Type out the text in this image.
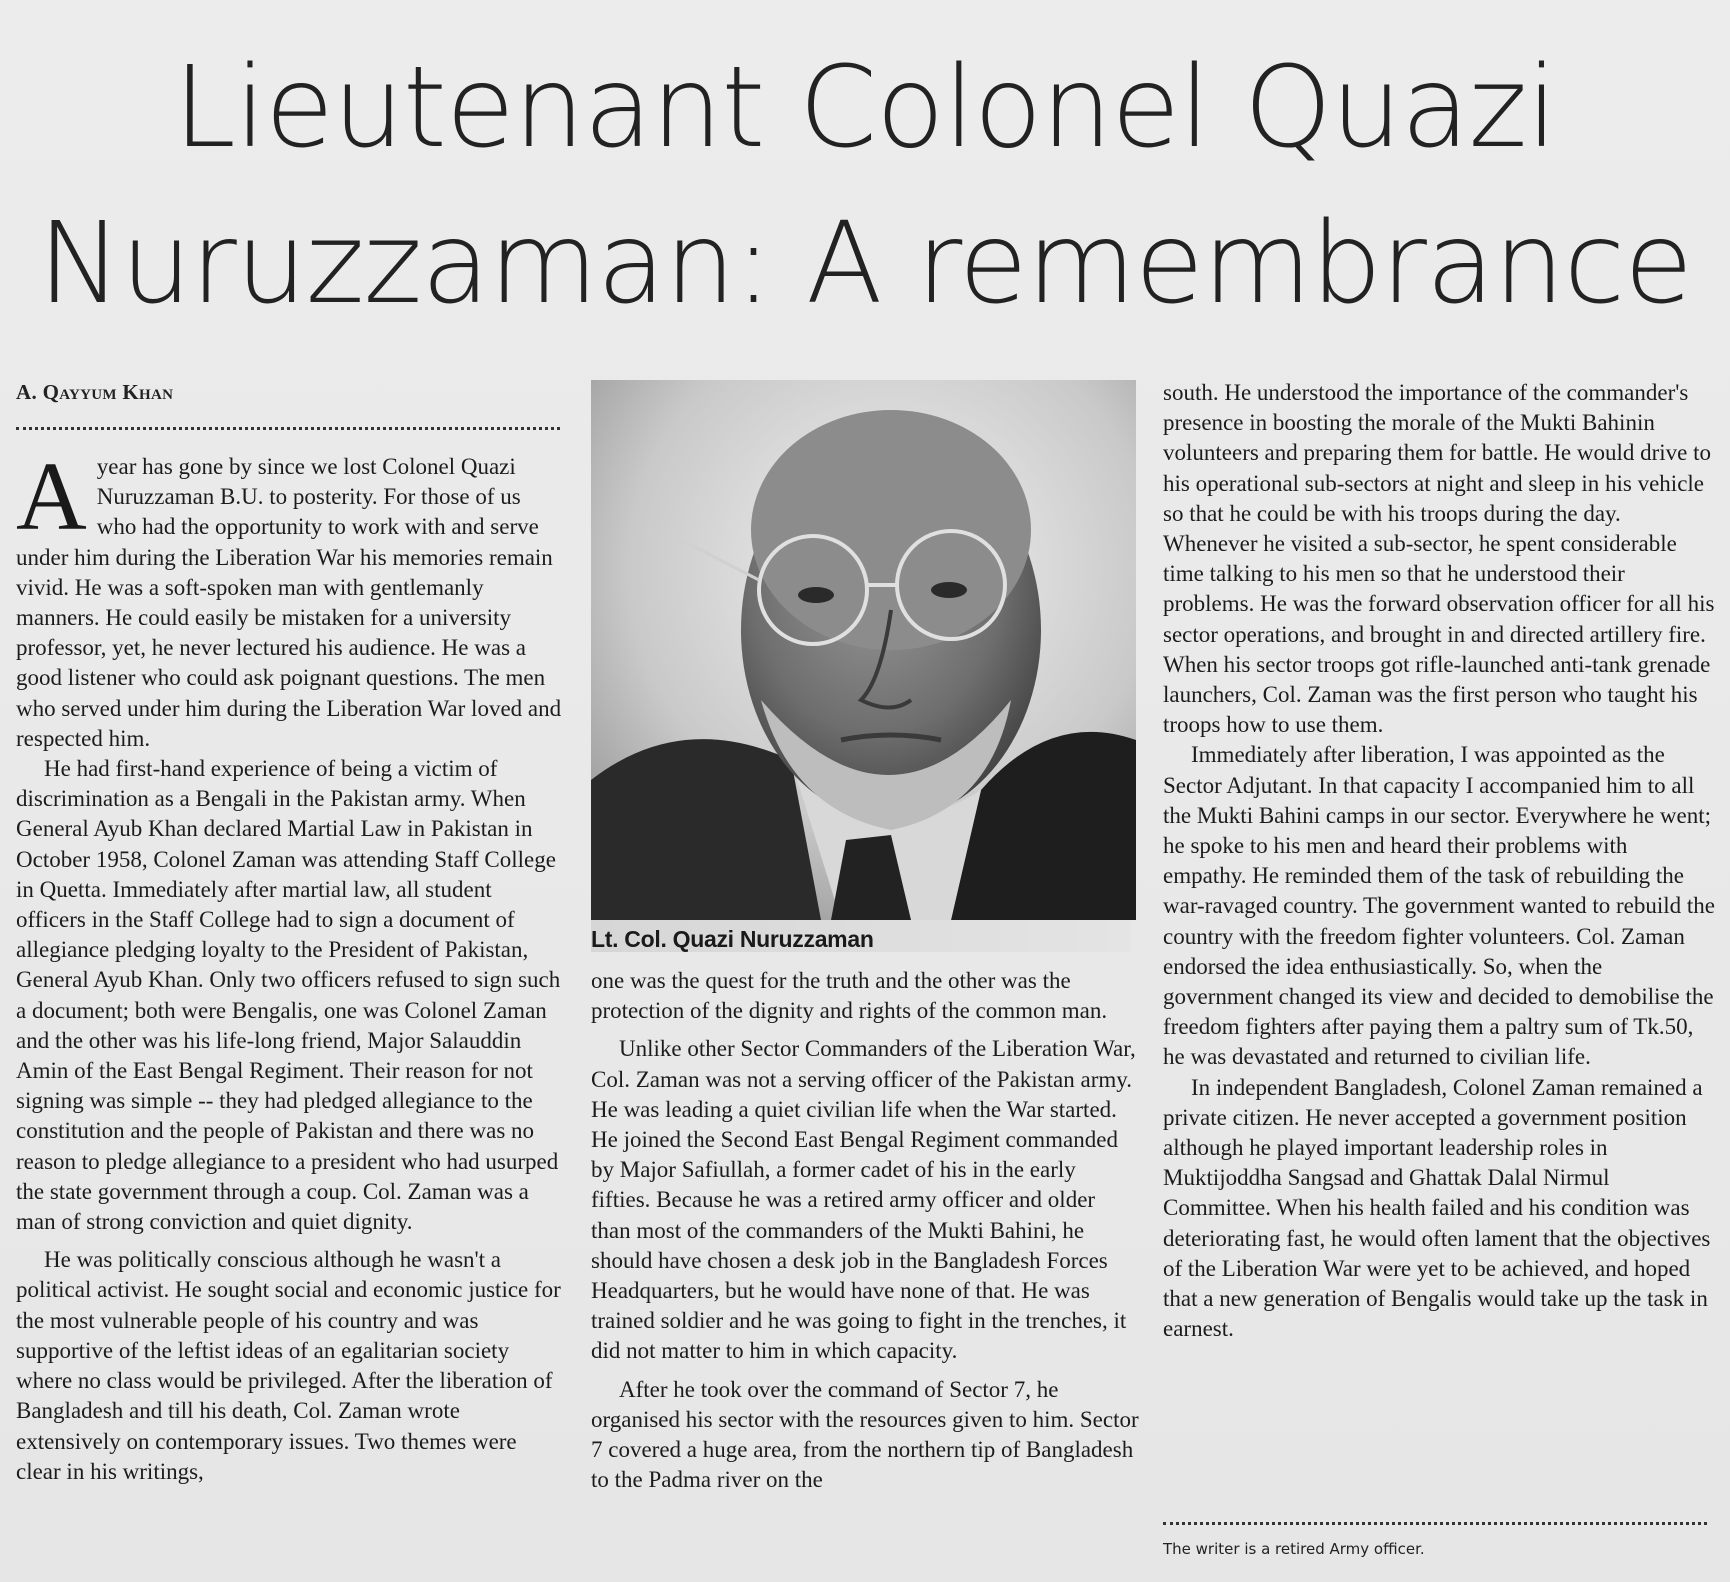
Lieutenant Colonel Quazi
Nuruzzaman: A remembrance
A. Qayyum Khan

Ayear has gone by since we lost Colonel Quazi Nuruzzaman B.U. to posterity. For those of us who had the opportunity to work with and serve under him during the Liberation War his memories remain vivid. He was a soft-spoken man with gentlemanly manners. He could easily be mistaken for a university professor, yet, he never lectured his audience. He was a good listener who could ask poignant questions. The men who served under him during the Liberation War loved and respected him.

He had first-hand experience of being a victim of discrimination as a Bengali in the Pakistan army. When General Ayub Khan declared Martial Law in Pakistan in October 1958, Colonel Zaman was attending Staff College in Quetta. Immediately after martial law, all student officers in the Staff College had to sign a document of allegiance pledging loyalty to the President of Pakistan, General Ayub Khan. Only two officers refused to sign such a document; both were Bengalis, one was Colonel Zaman and the other was his life-long friend, Major Salauddin Amin of the East Bengal Regiment. Their reason for not signing was simple -- they had pledged allegiance to the constitution and the people of Pakistan and there was no reason to pledge allegiance to a president who had usurped the state government through a coup. Col. Zaman was a man of strong conviction and quiet dignity.

He was politically conscious although he wasn't a political activist. He sought social and economic justice for the most vulnerable people of his country and was supportive of the leftist ideas of an egalitarian society where no class would be privileged. After the liberation of Bangladesh and till his death, Col. Zaman wrote extensively on contemporary issues. Two themes were clear in his writings,

Lt. Col. Quazi Nuruzzaman

one was the quest for the truth and the other was the protection of the dignity and rights of the common man.

Unlike other Sector Commanders of the Liberation War, Col. Zaman was not a serving officer of the Pakistan army. He was leading a quiet civilian life when the War started. He joined the Second East Bengal Regiment commanded by Major Safiullah, a former cadet of his in the early fifties. Because he was a retired army officer and older than most of the commanders of the Mukti Bahini, he should have chosen a desk job in the Bangladesh Forces Headquarters, but he would have none of that. He was trained soldier and he was going to fight in the trenches, it did not matter to him in which capacity.

After he took over the command of Sector 7, he organised his sector with the resources given to him. Sector 7 covered a huge area, from the northern tip of Bangladesh to the Padma river on the

south. He understood the importance of the commander's presence in boosting the morale of the Mukti Bahinin volunteers and preparing them for battle. He would drive to his operational sub-sectors at night and sleep in his vehicle so that he could be with his troops during the day. Whenever he visited a sub-sector, he spent considerable time talking to his men so that he understood their problems. He was the forward observation officer for all his sector operations, and brought in and directed artillery fire. When his sector troops got rifle-launched anti-tank grenade launchers, Col. Zaman was the first person who taught his troops how to use them.

Immediately after liberation, I was appointed as the Sector Adjutant. In that capacity I accompanied him to all the Mukti Bahini camps in our sector. Everywhere he went; he spoke to his men and heard their problems with empathy. He reminded them of the task of rebuilding the war-ravaged country. The government wanted to rebuild the country with the freedom fighter volunteers. Col. Zaman endorsed the idea enthusiastically. So, when the government changed its view and decided to demobilise the freedom fighters after paying them a paltry sum of Tk.50, he was devastated and returned to civilian life.

In independent Bangladesh, Colonel Zaman remained a private citizen. He never accepted a government position although he played important leadership roles in Muktijoddha Sangsad and Ghattak Dalal Nirmul Committee. When his health failed and his condition was deteriorating fast, he would often lament that the objectives of the Liberation War were yet to be achieved, and hoped that a new generation of Bengalis would take up the task in earnest.

The writer is a retired Army officer.
